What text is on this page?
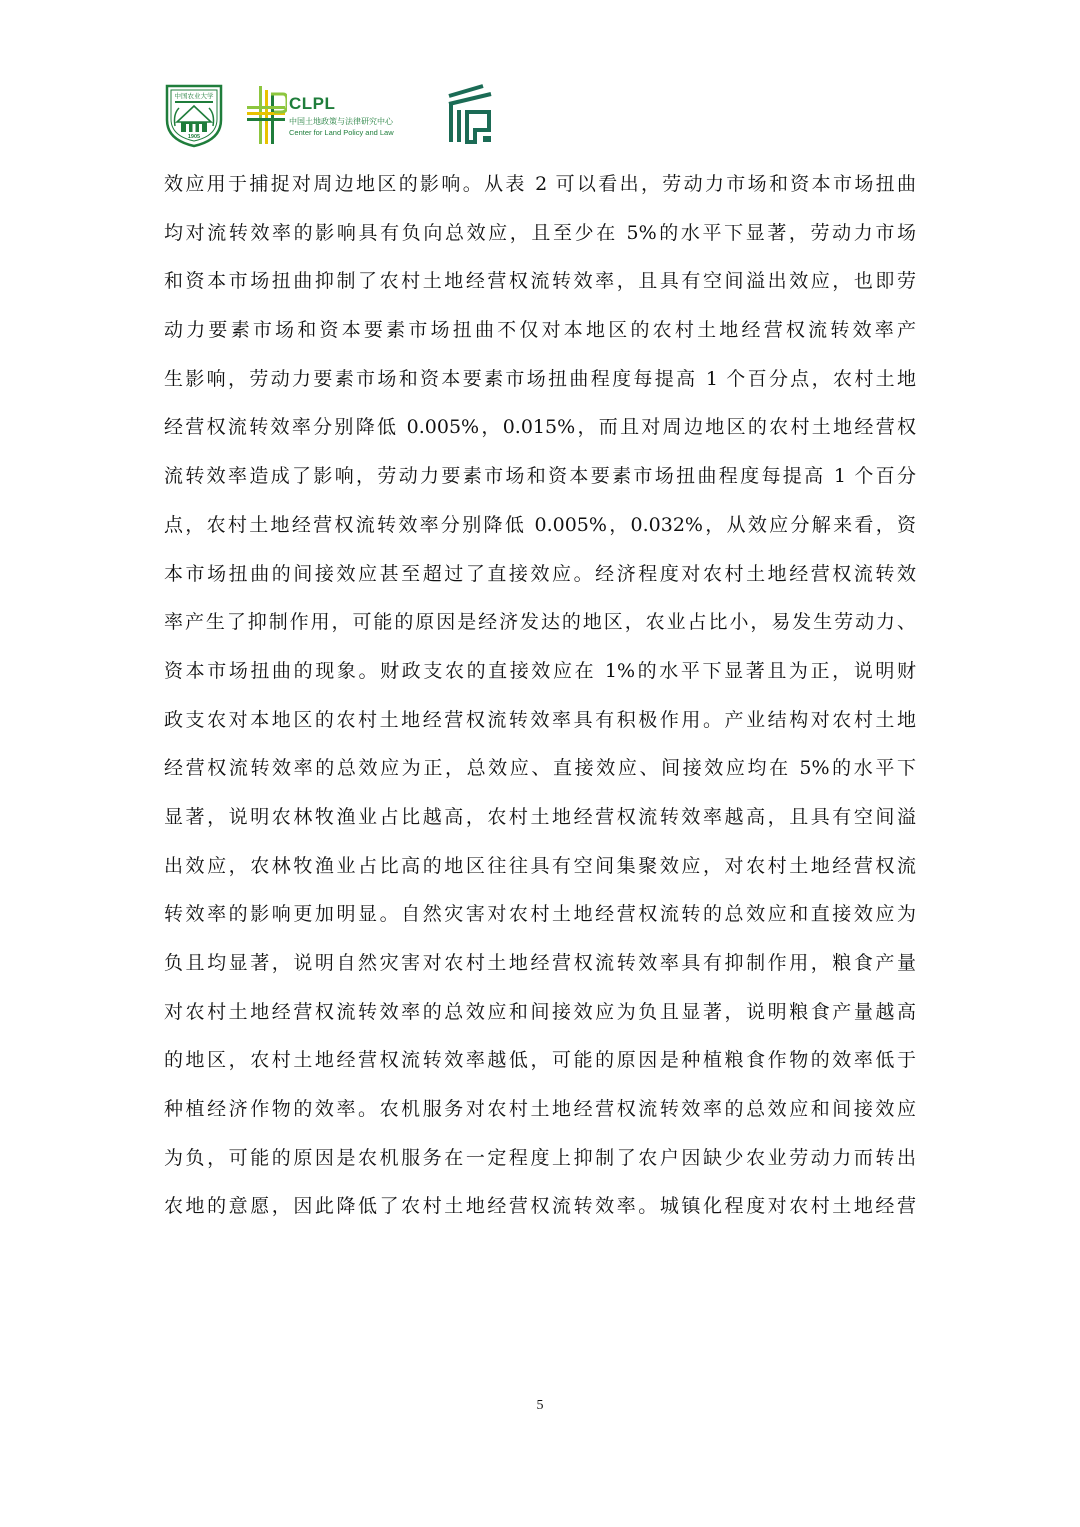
中国农业大学
1905
CLPL
中国土地政策与法律研究中心
Center for Land Policy and Law
效应用于捕捉对周边地区的影响。从表 2 可以看出，劳动力市场和资本市场扭曲
均对流转效率的影响具有负向总效应，且至少在 5%的水平下显著，劳动力市场
和资本市场扭曲抑制了农村土地经营权流转效率，且具有空间溢出效应，也即劳
动力要素市场和资本要素市场扭曲不仅对本地区的农村土地经营权流转效率产
生影响，劳动力要素市场和资本要素市场扭曲程度每提高 1 个百分点，农村土地
经营权流转效率分别降低 0.005%，0.015%，而且对周边地区的农村土地经营权
流转效率造成了影响，劳动力要素市场和资本要素市场扭曲程度每提高 1 个百分
点，农村土地经营权流转效率分别降低 0.005%，0.032%，从效应分解来看，资
本市场扭曲的间接效应甚至超过了直接效应。经济程度对农村土地经营权流转效
率产生了抑制作用，可能的原因是经济发达的地区，农业占比小，易发生劳动力、
资本市场扭曲的现象。财政支农的直接效应在 1%的水平下显著且为正，说明财
政支农对本地区的农村土地经营权流转效率具有积极作用。产业结构对农村土地
经营权流转效率的总效应为正，总效应、直接效应、间接效应均在 5%的水平下
显著，说明农林牧渔业占比越高，农村土地经营权流转效率越高，且具有空间溢
出效应，农林牧渔业占比高的地区往往具有空间集聚效应，对农村土地经营权流
转效率的影响更加明显。自然灾害对农村土地经营权流转的总效应和直接效应为
负且均显著，说明自然灾害对农村土地经营权流转效率具有抑制作用，粮食产量
对农村土地经营权流转效率的总效应和间接效应为负且显著，说明粮食产量越高
的地区，农村土地经营权流转效率越低，可能的原因是种植粮食作物的效率低于
种植经济作物的效率。农机服务对农村土地经营权流转效率的总效应和间接效应
为负，可能的原因是农机服务在一定程度上抑制了农户因缺少农业劳动力而转出
农地的意愿，因此降低了农村土地经营权流转效率。城镇化程度对农村土地经营
5
